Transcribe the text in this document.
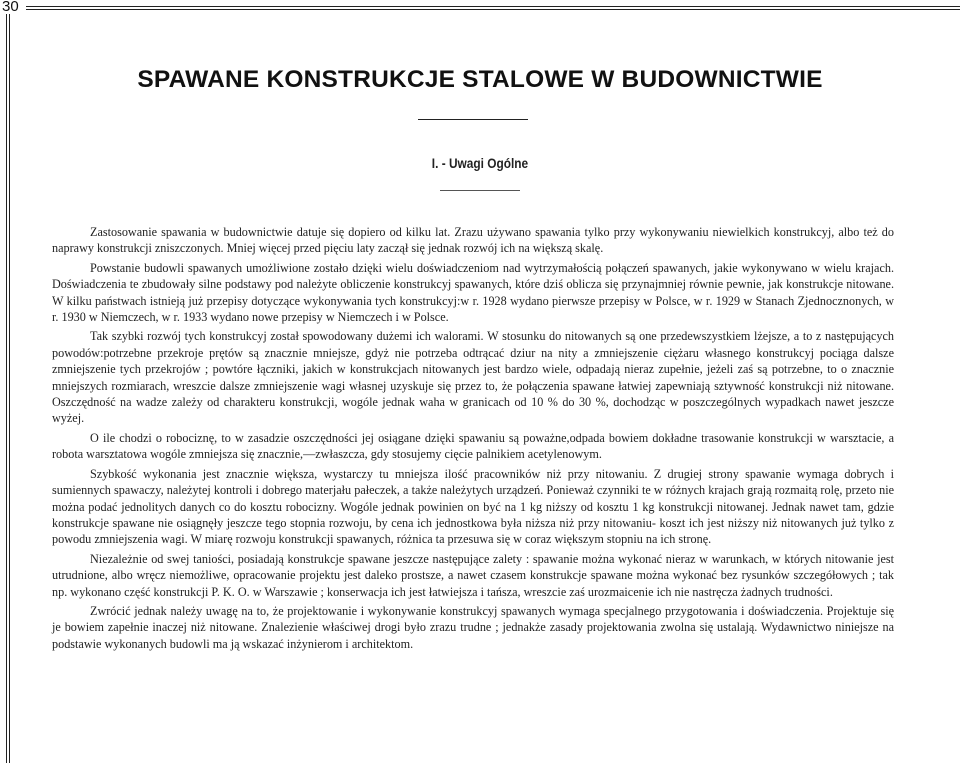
30
SPAWANE KONSTRUKCJE STALOWE W BUDOWNICTWIE
I. - Uwagi Ogólne

Zastosowanie spawania w budownictwie datuje się dopiero od kilku lat. Zrazu używano spawania tylko przy wykonywaniu niewielkich konstrukcyj, albo też do naprawy konstrukcji zniszczonych. Mniej więcej przed pięciu laty zaczął się jednak rozwój ich na większą skalę.

Powstanie budowli spawanych umożliwione zostało dzięki wielu doświadczeniom nad wytrzymałością połączeń spawanych, jakie wykonywano w wielu krajach. Doświadczenia te zbudowały silne podstawy pod należyte obliczenie konstrukcyj spawanych, które dziś oblicza się przynajmniej równie pewnie, jak konstrukcje nitowane. W kilku państwach istnieją już przepisy dotyczące wykonywania tych konstrukcyj:w r. 1928 wydano pierwsze przepisy w Polsce, w r. 1929 w Stanach Zjednocznonych, w r. 1930 w Niemczech, w r. 1933 wydano nowe przepisy w Niemczech i w Polsce.

Tak szybki rozwój tych konstrukcyj został spowodowany dużemi ich waloramі. W stosunku do nitowanych są one przedewszystkiem lżejsze, a to z następujących powodów:potrzebne przekroje prętów są znacznie mniejsze, gdyż nie potrzeba odtrącać dziur na nity a zmniejszenie ciężaru własnego konstrukcyj pociąga dalsze zmniejszenie tych przekrojów ; powtóre łączniki, jakich w konstrukcjach nitowanych jest bardzo wiele, odpadają nieraz zupełnie, jeżeli zaś są potrzebne, to o znacznie mniejszych rozmiarach, wreszcie dalsze zmniejszenie wagi własnej uzyskuje się przez to, że połączenia spawane łatwiej zapewniają sztywność konstrukcji niż nitowane. Oszczędność na wadze zależy od charakteru konstrukcji, wogóle jednak waha w granicach od 10 % do 30 %, dochodząc w poszczególnych wypadkach nawet jeszcze wyżej.

O ile chodzi o robociznę, to w zasadzie oszczędności jej osiągane dzięki spawaniu są poważne,odpada bowiem dokładne trasowanie konstrukcji w warsztacie, a robota warsztatowa wogóle zmniejsza się znacznie,—zwłaszcza, gdy stosujemy cięcie palnikiem acetylenowym.

Szybkość wykonania jest znacznie większa, wystarczy tu mniejsza ilość pracowników niż przy nitowaniu. Z drugiej strony spawanie wymaga dobrych i sumiennych spawaczy, należytej kontroli i dobrego materjału pałeczek, a także należytych urządzeń. Ponieważ czynniki te w różnych krajach grają rozmaitą rolę, przeto nie można podać jednolitych danych co do kosztu robocizny. Wogóle jednak powinien on być na 1 kg niższy od kosztu 1 kg konstrukcji nitowanej. Jednak nawet tam, gdzie konstrukcje spawane nie osiągnęły jeszcze tego stopnia rozwoju, by cena ich jednostkowa była niższa niż przy nitowaniu- koszt ich jest niższy niż nitowanych już tylko z powodu zmniejszenia wagi. W miarę rozwoju konstrukcji spawanych, różnica ta przesuwa się w coraz większym stopniu na ich stronę.

Niezależnie od swej taniości, posiadają konstrukcje spawane jeszcze następujące zalety : spawanie można wykonać nieraz w warunkach, w których nitowanie jest utrudnione, albo wręcz niemożliwe, opracowanie projektu jest daleko prostsze, a nawet czasem konstrukcje spawane można wykonać bez rysunków szczegółowych ; tak np. wykonano część konstrukcji P. K. O. w Warszawie ; konserwacja ich jest łatwiejsza i tańsza, wreszcie zaś urozmaicenie ich nie nastręcza żadnych trudności.

Zwrócić jednak należy uwagę na to, że projektowanie i wykonywanie konstrukcyj spawanych wymaga specjalnego przygotowania i doświadczenia. Projektuje się je bowiem zapełnie inaczej niż nitowane. Znalezienie właściwej drogi było zrazu trudne ; jednakże zasady projektowania zwolna się ustalają. Wydawnictwo niniejsze na podstawie wykonanych budowli ma ją wskazać inżynierom i architektom.
